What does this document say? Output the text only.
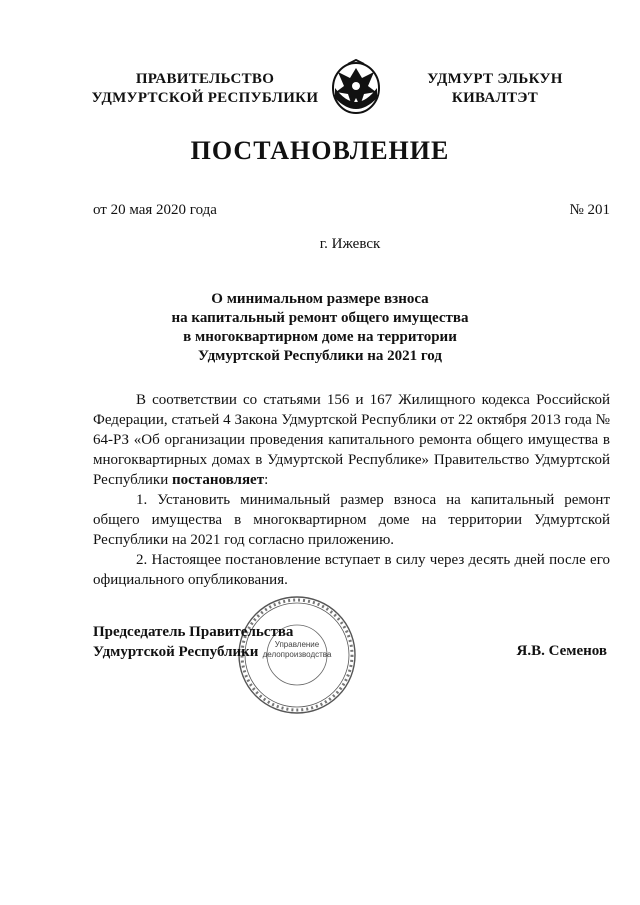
ПРАВИТЕЛЬСТВО
УДМУРТСКОЙ РЕСПУБЛИКИ
УДМУРТ ЭЛЬКУН
КИВАЛТЭТ
ПОСТАНОВЛЕНИЕ
от 20 мая 2020 года	№ 201
г. Ижевск
О минимальном размере взноса
на капитальный ремонт общего имущества
в многоквартирном доме на территории
Удмуртской Республики на 2021 год

В соответствии со статьями 156 и 167 Жилищного кодекса Российской Федерации, статьей 4 Закона Удмуртской Республики от 22 октября 2013 года № 64-РЗ «Об организации проведения капитального ремонта общего имущества в многоквартирных домах в Удмуртской Республике» Правительство Удмуртской Республики постановляет:

1. Установить минимальный размер взноса на капитальный ремонт общего имущества в многоквартирном доме на территории Удмуртской Республики на 2021 год согласно приложению.

2. Настоящее постановление вступает в силу через десять дней после его официального опубликования.

Управление
делопроизводства
Председатель Правительства
Удмуртской Республики	Я.В. Семенов
